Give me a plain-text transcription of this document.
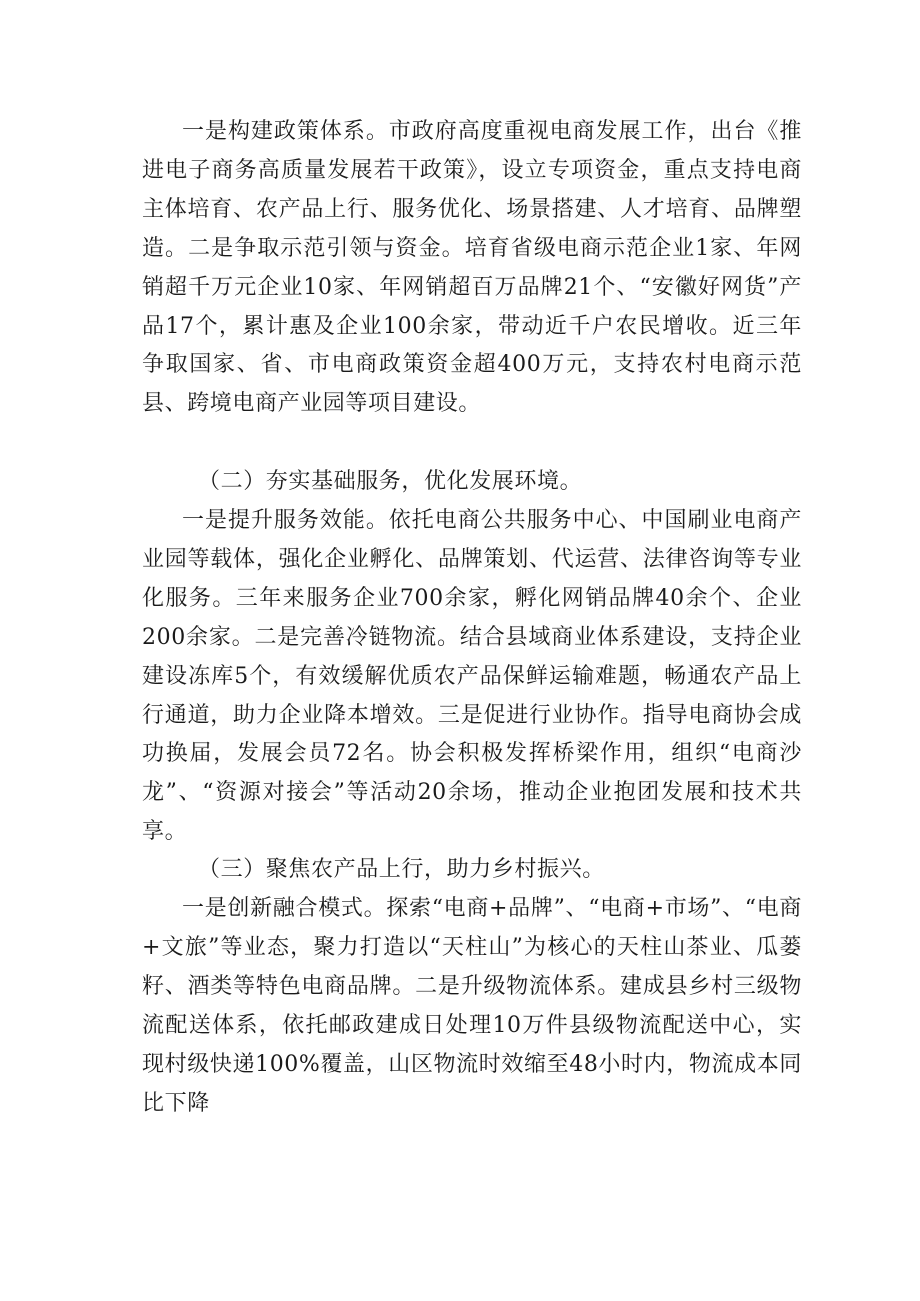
一是构建政策体系。市政府高度重视电商发展工作，出台《推进电子商务高质量发展若干政策》，设立专项资金，重点支持电商主体培育、农产品上行、服务优化、场景搭建、人才培育、品牌塑造。二是争取示范引领与资金。培育省级电商示范企业1家、年网销超千万元企业10家、年网销超百万品牌21个、“安徽好网货”产品17个，累计惠及企业100余家，带动近千户农民增收。近三年争取国家、省、市电商政策资金超400万元，支持农村电商示范县、跨境电商产业园等项目建设。

（二）夯实基础服务，优化发展环境。

一是提升服务效能。依托电商公共服务中心、中国刷业电商产业园等载体，强化企业孵化、品牌策划、代运营、法律咨询等专业化服务。三年来服务企业700余家，孵化网销品牌40余个、企业200余家。二是完善冷链物流。结合县域商业体系建设，支持企业建设冻库5个，有效缓解优质农产品保鲜运输难题，畅通农产品上行通道，助力企业降本增效。三是促进行业协作。指导电商协会成功换届，发展会员72名。协会积极发挥桥梁作用，组织“电商沙龙”、“资源对接会”等活动20余场，推动企业抱团发展和技术共享。

（三）聚焦农产品上行，助力乡村振兴。

一是创新融合模式。探索“电商+品牌”、“电商+市场”、“电商+文旅”等业态，聚力打造以“天柱山”为核心的天柱山茶业、瓜蒌籽、酒类等特色电商品牌。二是升级物流体系。建成县乡村三级物流配送体系，依托邮政建成日处理10万件县级物流配送中心，实现村级快递100%覆盖，山区物流时效缩至48小时内，物流成本同比下降
